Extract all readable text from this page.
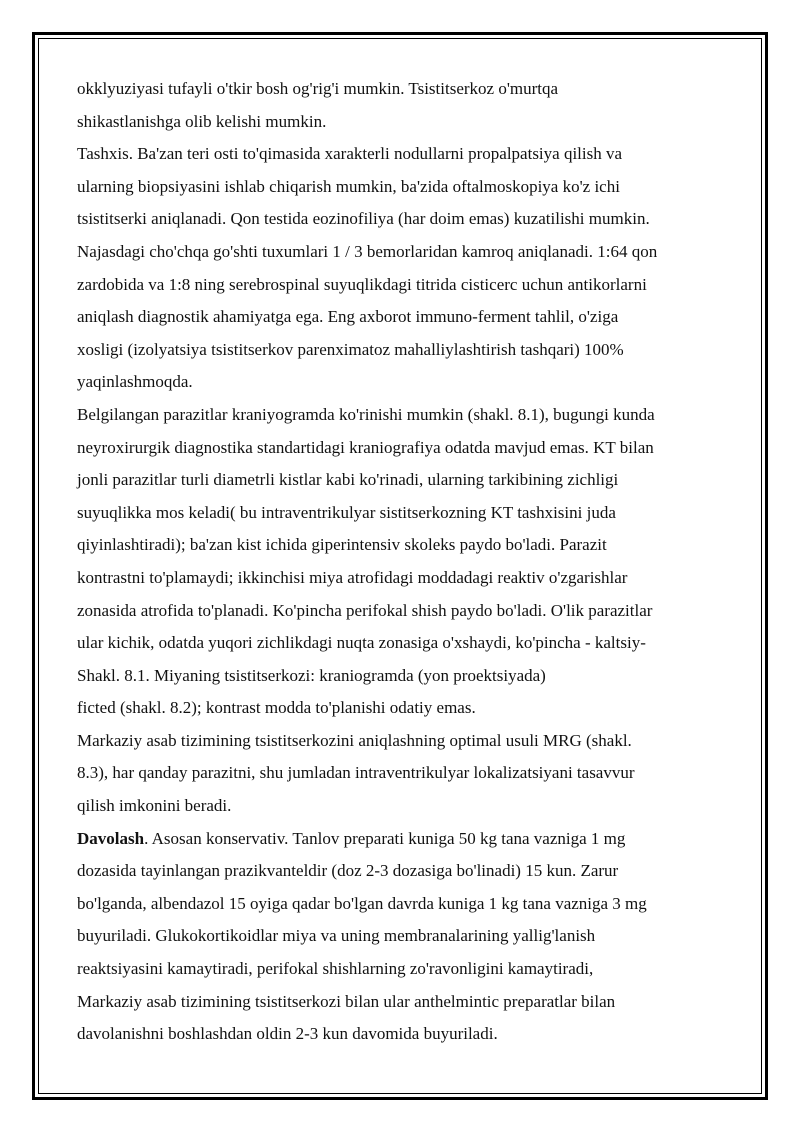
okklyuziyasi tufayli o'tkir bosh og'rig'i mumkin. Tsistitserkoz o'murtqa
shikastlanishga olib kelishi mumkin.
Tashxis. Ba'zan teri osti to'qimasida xarakterli nodullarni propalpatsiya qilish va
ularning biopsiyasini ishlab chiqarish mumkin, ba'zida oftalmoskopiya ko'z ichi
tsistitserki aniqlanadi. Qon testida eozinofiliya (har doim emas) kuzatilishi mumkin.
Najasdagi cho'chqa go'shti tuxumlari 1 / 3 bemorlaridan kamroq aniqlanadi. 1:64 qon
zardobida va 1:8 ning serebrospinal suyuqlikdagi titrida cisticerc uchun antikorlarni
aniqlash diagnostik ahamiyatga ega. Eng axborot immuno-ferment tahlil, o'ziga
xosligi (izolyatsiya tsistitserkov parenximatoz mahalliylashtirish tashqari) 100%
yaqinlashmoqda.
Belgilangan parazitlar kraniyogramda ko'rinishi mumkin (shakl. 8.1), bugungi kunda
neyroxirurgik diagnostika standartidagi kraniografiya odatda mavjud emas. KT bilan
jonli parazitlar turli diametrli kistlar kabi ko'rinadi, ularning tarkibining zichligi
suyuqlikka mos keladi( bu intraventrikulyar sistitserkozning KT tashxisini juda
qiyinlashtiradi); ba'zan kist ichida giperintensiv skoleks paydo bo'ladi. Parazit
kontrastni to'plamaydi; ikkinchisi miya atrofidagi moddadagi reaktiv o'zgarishlar
zonasida atrofida to'planadi. Ko'pincha perifokal shish paydo bo'ladi. O'lik parazitlar
ular kichik, odatda yuqori zichlikdagi nuqta zonasiga o'xshaydi, ko'pincha - kaltsiy-
Shakl. 8.1. Miyaning tsistitserkozi: kraniogramda (yon proektsiyada)
ficted (shakl. 8.2); kontrast modda to'planishi odatiy emas.
Markaziy asab tizimining tsistitserkozini aniqlashning optimal usuli MRG (shakl.
8.3), har qanday parazitni, shu jumladan intraventrikulyar lokalizatsiyani tasavvur
qilish imkonini beradi.
Davolash. Asosan konservativ. Tanlov preparati kuniga 50 kg tana vazniga 1 mg
dozasida tayinlangan prazikvanteldir (doz 2-3 dozasiga bo'linadi) 15 kun. Zarur
bo'lganda, albendazol 15 oyiga qadar bo'lgan davrda kuniga 1 kg tana vazniga 3 mg
buyuriladi. Glukokortikoidlar miya va uning membranalarining yallig'lanish
reaktsiyasini kamaytiradi, perifokal shishlarning zo'ravonligini kamaytiradi,
Markaziy asab tizimining tsistitserkozi bilan ular anthelmintic preparatlar bilan
davolanishni boshlashdan oldin 2-3 kun davomida buyuriladi.
